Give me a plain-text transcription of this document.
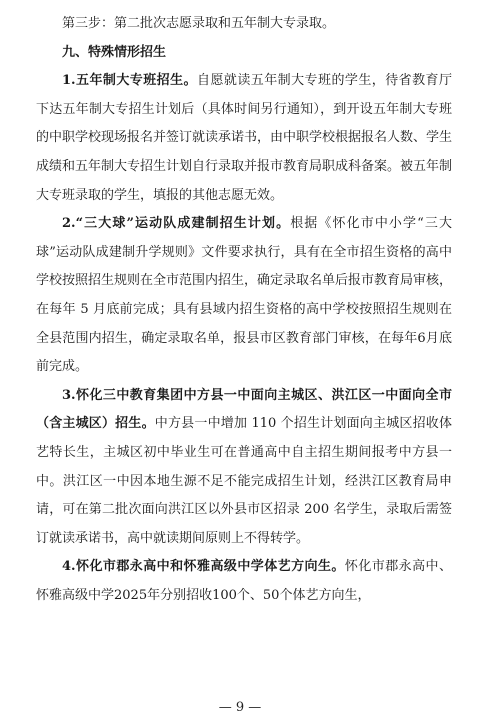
第三步：第二批次志愿录取和五年制大专录取。

九、特殊情形招生

1.五年制大专班招生。自愿就读五年制大专班的学生，待省教育厅下达五年制大专招生计划后（具体时间另行通知），到开设五年制大专班的中职学校现场报名并签订就读承诺书，由中职学校根据报名人数、学生成绩和五年制大专招生计划自行录取并报市教育局职成科备案。被五年制大专班录取的学生，填报的其他志愿无效。

2.“三大球”运动队成建制招生计划。根据《怀化市中小学“三大球”运动队成建制升学规则》文件要求执行，具有在全市招生资格的高中学校按照招生规则在全市范围内招生，确定录取名单后报市教育局审核，在每年 5 月底前完成；具有县域内招生资格的高中学校按照招生规则在全县范围内招生，确定录取名单，报县市区教育部门审核，在每年6月底前完成。

3.怀化三中教育集团中方县一中面向主城区、洪江区一中面向全市（含主城区）招生。中方县一中增加 110 个招生计划面向主城区招收体艺特长生，主城区初中毕业生可在普通高中自主招生期间报考中方县一中。洪江区一中因本地生源不足不能完成招生计划，经洪江区教育局申请，可在第二批次面向洪江区以外县市区招录 200 名学生，录取后需签订就读承诺书，高中就读期间原则上不得转学。

4.怀化市郡永高中和怀雅高级中学体艺方向生。怀化市郡永高中、怀雅高级中学2025年分别招收100个、50个体艺方向生，

— 9 —
